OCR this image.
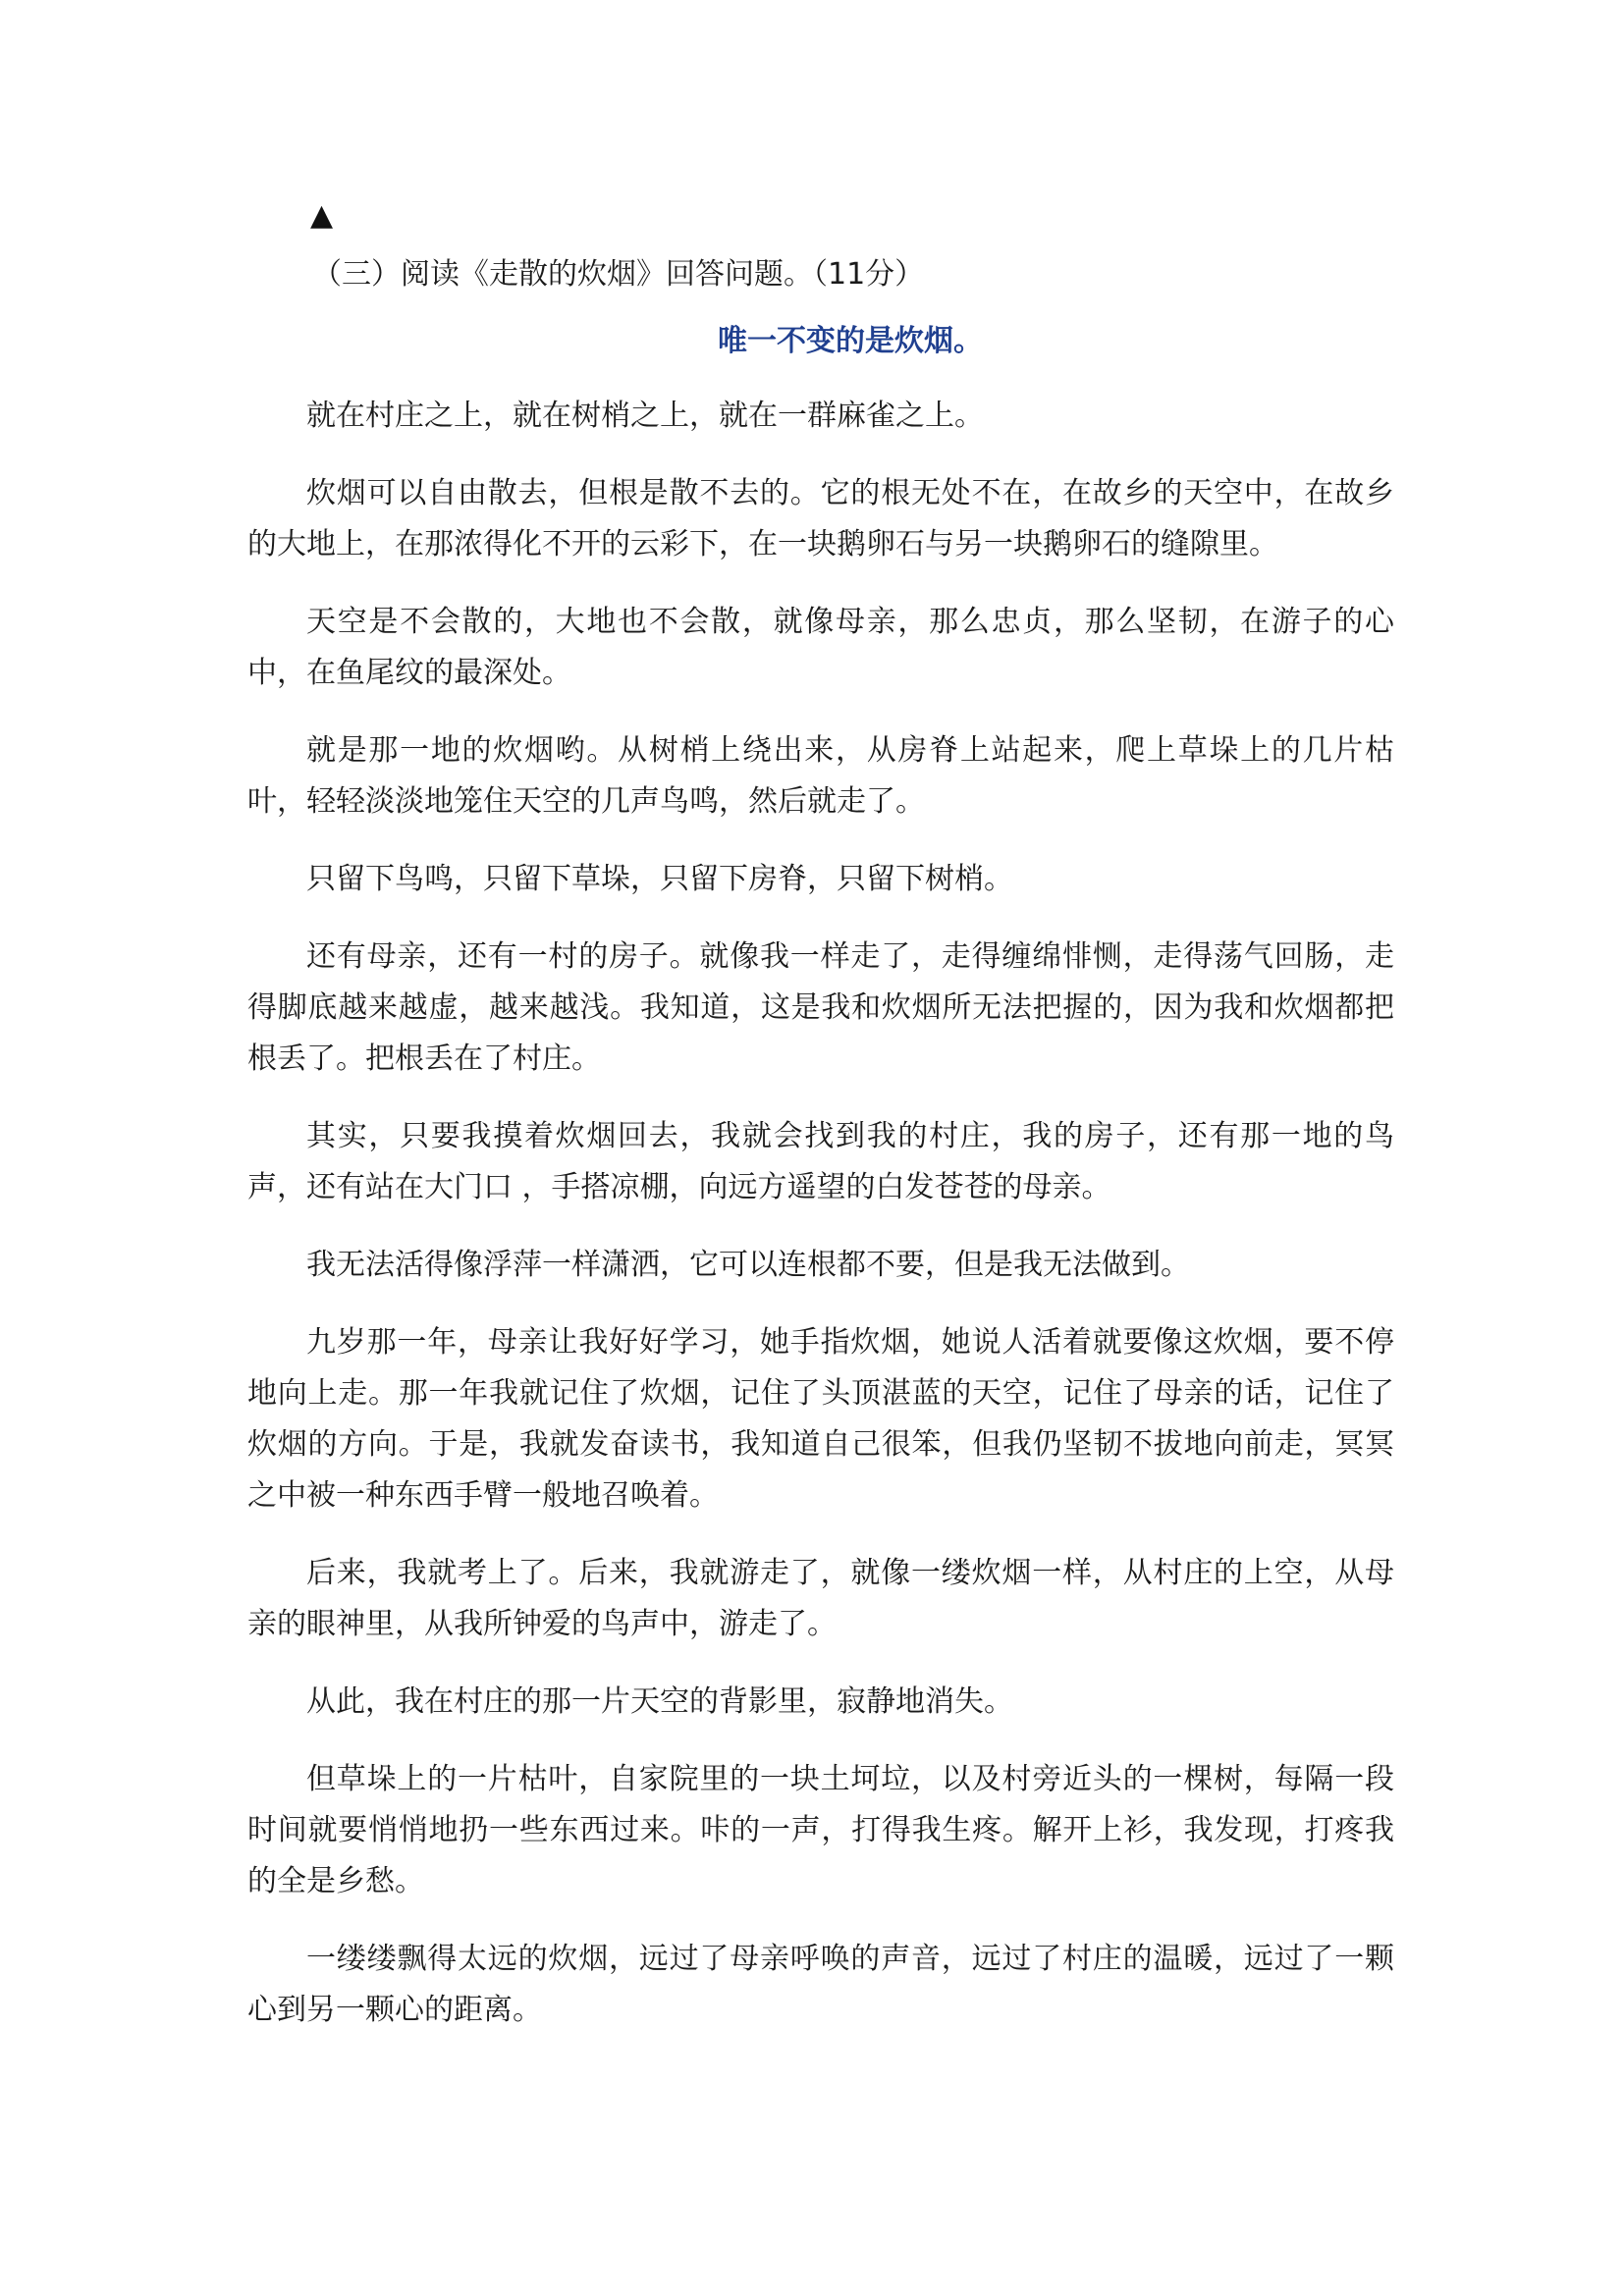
▲
（三）阅读《走散的炊烟》回答问题。（11分）
唯一不变的是炊烟。

就在村庄之上，就在树梢之上，就在一群麻雀之上。

炊烟可以自由散去，但根是散不去的。它的根无处不在，在故乡的天空中，在故乡的大地上，在那浓得化不开的云彩下，在一块鹅卵石与另一块鹅卵石的缝隙里。

天空是不会散的，大地也不会散，就像母亲，那么忠贞，那么坚韧，在游子的心中，在鱼尾纹的最深处。

就是那一地的炊烟哟。从树梢上绕出来，从房脊上站起来，爬上草垛上的几片枯叶，轻轻淡淡地笼住天空的几声鸟鸣，然后就走了。

只留下鸟鸣，只留下草垛，只留下房脊，只留下树梢。

还有母亲，还有一村的房子。就像我一样走了，走得缠绵悱恻，走得荡气回肠，走得脚底越来越虚，越来越浅。我知道，这是我和炊烟所无法把握的，因为我和炊烟都把根丢了。把根丢在了村庄。

其实，只要我摸着炊烟回去，我就会找到我的村庄，我的房子，还有那一地的鸟声，还有站在大门口 ，手搭凉棚，向远方遥望的白发苍苍的母亲。

我无法活得像浮萍一样潇洒，它可以连根都不要，但是我无法做到。

九岁那一年，母亲让我好好学习，她手指炊烟，她说人活着就要像这炊烟，要不停地向上走。那一年我就记住了炊烟，记住了头顶湛蓝的天空，记住了母亲的话，记住了炊烟的方向。于是，我就发奋读书，我知道自己很笨，但我仍坚韧不拔地向前走，冥冥之中被一种东西手臂一般地召唤着。

后来，我就考上了。后来，我就游走了，就像一缕炊烟一样，从村庄的上空，从母亲的眼神里，从我所钟爱的鸟声中，游走了。

从此，我在村庄的那一片天空的背影里，寂静地消失。

但草垛上的一片枯叶，自家院里的一块土坷垃，以及村旁近头的一棵树，每隔一段时间就要悄悄地扔一些东西过来。咔的一声，打得我生疼。解开上衫，我发现，打疼我的全是乡愁。

一缕缕飘得太远的炊烟，远过了母亲呼唤的声音，远过了村庄的温暖，远过了一颗心到另一颗心的距离。
